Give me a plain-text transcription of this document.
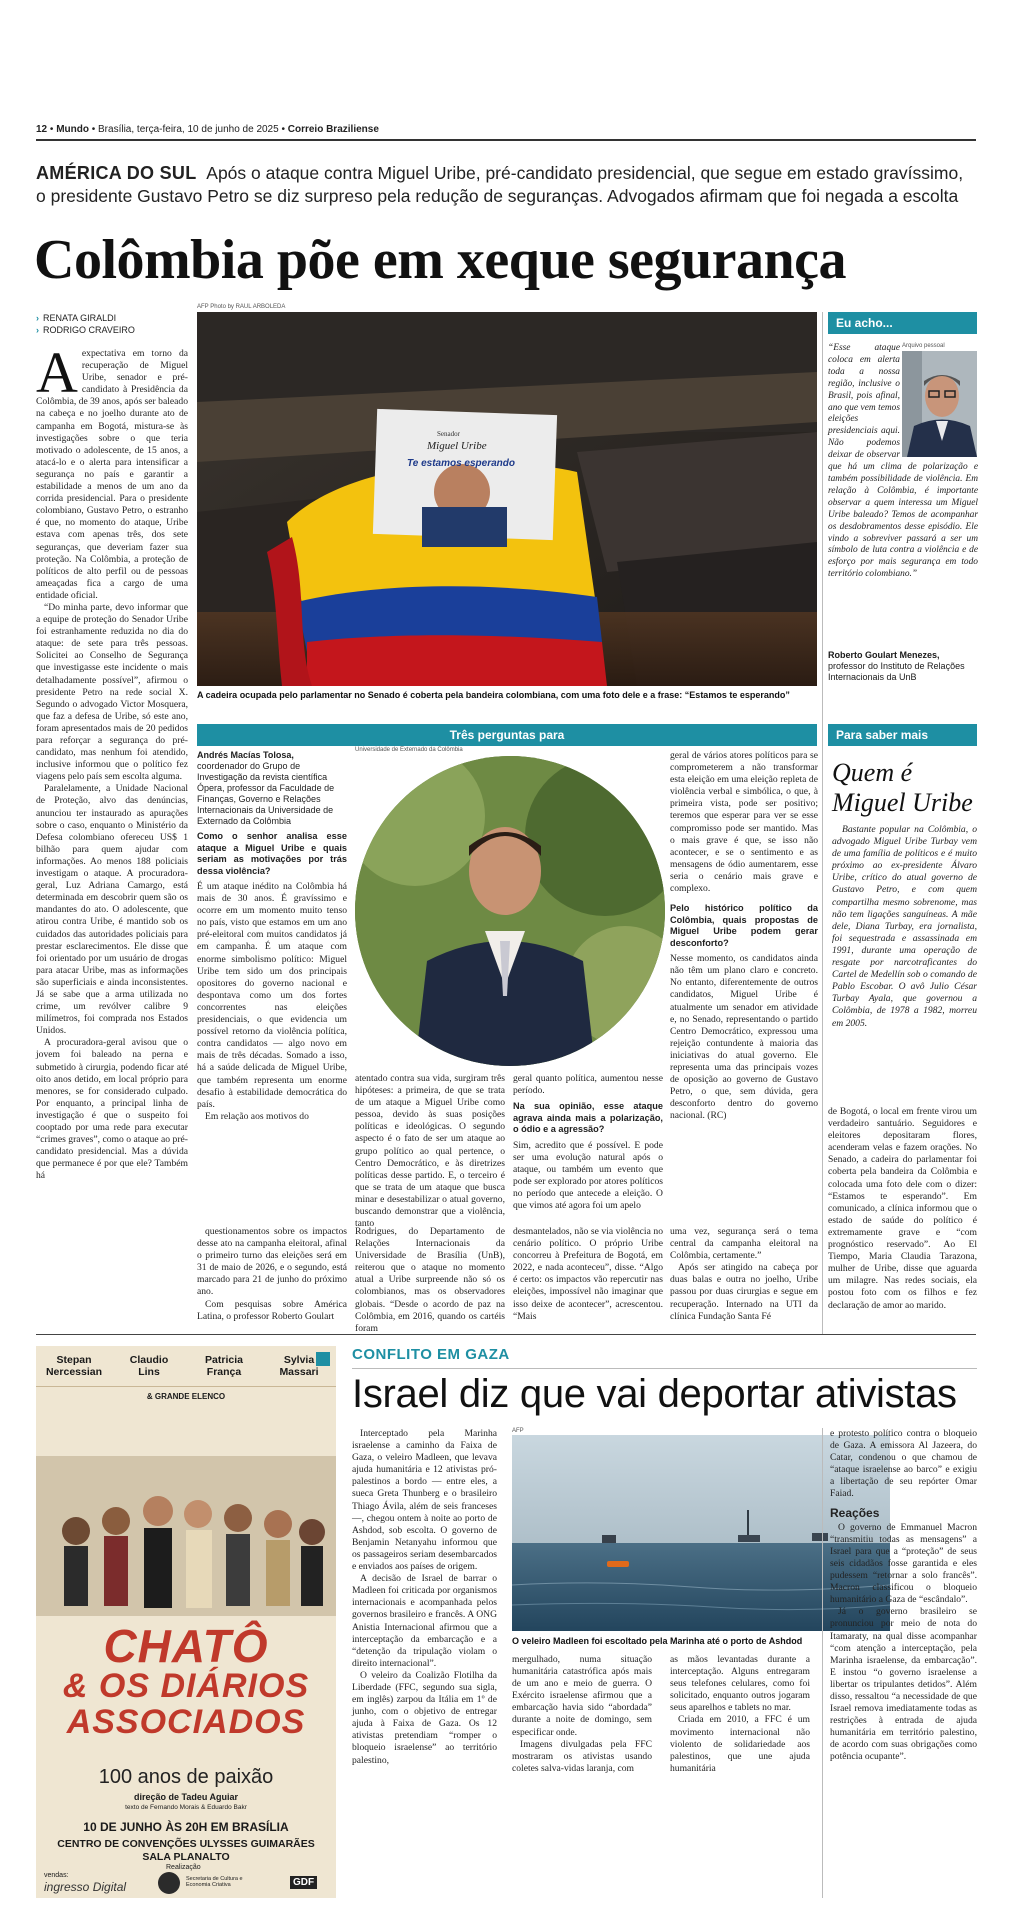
12 • Mundo • Brasília, terça-feira, 10 de junho de 2025 • Correio Braziliense
AMÉRICA DO SUL Após o ataque contra Miguel Uribe, pré-candidato presidencial, que segue em estado gravíssimo, o presidente Gustavo Petro se diz surpreso pela redução de seguranças. Advogados afirmam que foi negada a escolta
Colômbia põe em xeque segurança
› RENATA GIRALDI
› RODRIGO CRAVEIRO
AFP Photo by RAUL ARBOLEDA
Senador
Miguel Uribe
Te estamos esperando
A cadeira ocupada pelo parlamentar no Senado é coberta pela bandeira colombiana, com uma foto dele e a frase: “Estamos te esperando”

Aexpectativa em torno da recuperação de Miguel Uribe, senador e pré-candidato à Presidência da Colômbia, de 39 anos, após ser baleado na cabeça e no joelho durante ato de campanha em Bogotá, mistura-se às investigações sobre o que teria motivado o adolescente, de 15 anos, a atacá-lo e o alerta para intensificar a segurança no país e garantir a estabilidade a menos de um ano da corrida presidencial. Para o presidente colombiano, Gustavo Petro, o estranho é que, no momento do ataque, Uribe estava com apenas três, dos sete seguranças, que deveriam fazer sua proteção. Na Colômbia, a proteção de políticos de alto perfil ou de pessoas ameaçadas fica a cargo de uma entidade oficial.

“Do minha parte, devo informar que a equipe de proteção do Senador Uribe foi estranhamente reduzida no dia do ataque: de sete para três pessoas. Solicitei ao Conselho de Segurança que investigasse este incidente o mais detalhadamente possível”, afirmou o presidente Petro na rede social X. Segundo o advogado Victor Mosquera, que faz a defesa de Uribe, só este ano, foram apresentados mais de 20 pedidos para reforçar a segurança do pré-candidato, mas nenhum foi atendido, inclusive informou que o político fez viagens pelo país sem escolta alguma.

Paralelamente, a Unidade Nacional de Proteção, alvo das denúncias, anunciou ter instaurado as apurações sobre o caso, enquanto o Ministério da Defesa colombiano ofereceu US$ 1 bilhão para quem ajudar com informações. Ao menos 188 policiais investigam o ataque. A procuradora-geral, Luz Adriana Camargo, está determinada em descobrir quem são os mandantes do ato. O adolescente, que atirou contra Uribe, é mantido sob os cuidados das autoridades policiais para prestar esclarecimentos. Ele disse que foi orientado por um usuário de drogas para atacar Uribe, mas as informações são superficiais e ainda inconsistentes. Já se sabe que a arma utilizada no crime, um revólver calibre 9 milímetros, foi comprada nos Estados Unidos.

A procuradora-geral avisou que o jovem foi baleado na perna e submetido à cirurgia, podendo ficar até oito anos detido, em local próprio para menores, se for considerado culpado. Por enquanto, a principal linha de investigação é que o suspeito foi cooptado por uma rede para executar “crimes graves”, como o ataque ao pré-candidato presidencial. Mas a dúvida que permanece é por que ele? Também há

Eu acho...
Arquivo pessoal
“Esse ataque coloca em alerta toda a nossa região, inclusive o Brasil, pois afinal, ano que vem temos eleições presidenciais aqui. Não podemos deixar de observar que há um clima de polarização e também possibilidade de violência. Em relação à Colômbia, é importante observar a quem interessa um Miguel Uribe baleado? Temos de acompanhar os desdobramentos desse episódio. Ele vindo a sobreviver passará a ser um símbolo de luta contra a violência e de esforço por mais segurança em todo território colombiano.”
Roberto Goulart Menezes,
professor do Instituto de Relações Internacionais da UnB
Três perguntas para
Andrés Macías Tolosa,
coordenador do Grupo de Investigação da revista científica Ópera, professor da Faculdade de Finanças, Governo e Relações Internacionais da Universidade de Externado da Colômbia
Como o senhor analisa esse ataque a Miguel Uribe e quais seriam as motivações por trás dessa violência?

É um ataque inédito na Colômbia há mais de 30 anos. É gravíssimo e ocorre em um momento muito tenso no país, visto que estamos em um ano pré-eleitoral com muitos candidatos já em campanha. É um ataque com enorme simbolismo político: Miguel Uribe tem sido um dos principais opositores do governo nacional e despontava como um dos fortes concorrentes nas eleições presidenciais, o que evidencia um possível retorno da violência política, contra candidatos — algo novo em mais de três décadas. Somado a isso, há a saúde delicada de Miguel Uribe, que também representa um enorme desafio à estabilidade democrática do país.

Em relação aos motivos do

Universidade de Externado da Colômbia

atentado contra sua vida, surgiram três hipóteses: a primeira, de que se trata de um ataque a Miguel Uribe como pessoa, devido às suas posições políticas e ideológicas. O segundo aspecto é o fato de ser um ataque ao grupo político ao qual pertence, o Centro Democrático, e às diretrizes políticas desse partido. E, o terceiro é que se trata de um ataque que busca minar e desestabilizar o atual governo, buscando demonstrar que a violência, tanto

geral quanto política, aumentou nesse período.

Na sua opinião, esse ataque agrava ainda mais a polarização, o ódio e a agressão?

Sim, acredito que é possível. E pode ser uma evolução natural após o ataque, ou também um evento que pode ser explorado por atores políticos no período que antecede a eleição. O que vimos até agora foi um apelo

geral de vários atores políticos para se comprometerem a não transformar esta eleição em uma eleição repleta de violência verbal e simbólica, o que, à primeira vista, pode ser positivo; teremos que esperar para ver se esse compromisso pode ser mantido. Mas o mais grave é que, se isso não acontecer, e se o sentimento e as mensagens de ódio aumentarem, esse seria o cenário mais grave e complexo.

Pelo histórico político da Colômbia, quais propostas de Miguel Uribe podem gerar desconforto?

Nesse momento, os candidatos ainda não têm um plano claro e concreto. No entanto, diferentemente de outros candidatos, Miguel Uribe é atualmente um senador em atividade e, no Senado, representando o partido Centro Democrático, expressou uma rejeição contundente à maioria das iniciativas do atual governo. Ele representa uma das principais vozes de oposição ao governo de Gustavo Petro, o que, sem dúvida, gera desconforto dentro do governo nacional. (RC)

Para saber mais
Quem é
Miguel Uribe
Bastante popular na Colômbia, o advogado Miguel Uribe Turbay vem de uma família de políticos e é muito próximo ao ex-presidente Álvaro Uribe, crítico do atual governo de Gustavo Petro, e com quem compartilha mesmo sobrenome, mas não tem ligações sanguíneas. A mãe dele, Diana Turbay, era jornalista, foi sequestrada e assassinada em 1991, durante uma operação de resgate por narcotraficantes do Cartel de Medellín sob o comando de Pablo Escobar. O avô Julio César Turbay Ayala, que governou a Colômbia, de 1978 a 1982, morreu em 2005.

questionamentos sobre os impactos desse ato na campanha eleitoral, afinal o primeiro turno das eleições será em 31 de maio de 2026, e o segundo, está marcado para 21 de junho do próximo ano.

Com pesquisas sobre América Latina, o professor Roberto Goulart

Rodrigues, do Departamento de Relações Internacionais da Universidade de Brasília (UnB), reiterou que o ataque no momento atual a Uribe surpreende não só os colombianos, mas os observadores globais. “Desde o acordo de paz na Colômbia, em 2016, quando os cartéis foram
desmantelados, não se via violência no cenário político. O próprio Uribe concorreu à Prefeitura de Bogotá, em 2022, e nada aconteceu”, disse. “Algo é certo: os impactos vão repercutir nas eleições, impossível não imaginar que isso deixe de acontecer”, acrescentou. “Mais

uma vez, segurança será o tema central da campanha eleitoral na Colômbia, certamente.”

Após ser atingido na cabeça por duas balas e outra no joelho, Uribe passou por duas cirurgias e segue em recuperação. Internado na UTI da clínica Fundação Santa Fé

de Bogotá, o local em frente virou um verdadeiro santuário. Seguidores e eleitores depositaram flores, acenderam velas e fazem orações. No Senado, a cadeira do parlamentar foi coberta pela bandeira da Colômbia e colocada uma foto dele com o dizer: “Estamos te esperando”. Em comunicado, a clínica informou que o estado de saúde do político é extremamente grave e “com prognóstico reservado”. Ao El Tiempo, Maria Claudia Tarazona, mulher de Uribe, disse que aguarda um milagre. Nas redes sociais, ela postou foto com os filhos e fez declaração de amor ao marido.
Stepan Nercessian
Claudio Lins
Patricia França
Sylvia Massari
& GRANDE ELENCO
CHATÔ
& OS DIÁRIOS
ASSOCIADOS
100 anos de paixão
direção de Tadeu Aguiar
texto de Fernando Morais & Eduardo Bakr
10 DE JUNHO ÀS 20H EM BRASÍLIA
CENTRO DE CONVENÇÕES ULYSSES GUIMARÃES
SALA PLANALTO
vendas:
ingresso Digital
Realização
Secretaria de Cultura e Economia Criativa	GDF
CONFLITO EM GAZA
Israel diz que vai deportar ativistas

Interceptado pela Marinha israelense a caminho da Faixa de Gaza, o veleiro Madleen, que levava ajuda humanitária e 12 ativistas pró-palestinos a bordo — entre eles, a sueca Greta Thunberg e o brasileiro Thiago Ávila, além de seis franceses —, chegou ontem à noite ao porto de Ashdod, sob escolta. O governo de Benjamin Netanyahu informou que os passageiros seriam desembarcados e enviados aos países de origem.

A decisão de Israel de barrar o Madleen foi criticada por organismos internacionais e acompanhada pelos governos brasileiro e francês. A ONG Anistia Internacional afirmou que a interceptação da embarcação e a “detenção da tripulação violam o direito internacional”.

O veleiro da Coalizão Flotilha da Liberdade (FFC, segundo sua sigla, em inglês) zarpou da Itália em 1º de junho, com o objetivo de entregar ajuda à Faixa de Gaza. Os 12 ativistas pretendiam “romper o bloqueio israelense” ao território palestino,

AFP
O veleiro Madleen foi escoltado pela Marinha até o porto de Ashdod

mergulhado, numa situação humanitária catastrófica após mais de um ano e meio de guerra. O Exército israelense afirmou que a embarcação havia sido “abordada” durante a noite de domingo, sem especificar onde.

Imagens divulgadas pela FFC mostraram os ativistas usando coletes salva-vidas laranja, com

as mãos levantadas durante a interceptação. Alguns entregaram seus telefones celulares, como foi solicitado, enquanto outros jogaram seus aparelhos e tablets no mar.

Criada em 2010, a FFC é um movimento internacional não violento de solidariedade aos palestinos, que une ajuda humanitária

e protesto político contra o bloqueio de Gaza. A emissora Al Jazeera, do Catar, condenou o que chamou de “ataque israelense ao barco” e exigiu a libertação de seu repórter Omar Faiad.

Reações

O governo de Emmanuel Macron “transmitiu todas as mensagens” a Israel para que a “proteção” de seus seis cidadãos fosse garantida e eles pudessem “retornar a solo francês”. Macron classificou o bloqueio humanitário a Gaza de “escândalo”.

Já o governo brasileiro se pronunciou por meio de nota do Itamaraty, na qual disse acompanhar “com atenção a interceptação, pela Marinha israelense, da embarcação”. E instou “o governo israelense a libertar os tripulantes detidos”. Além disso, ressaltou “a necessidade de que Israel remova imediatamente todas as restrições à entrada de ajuda humanitária em território palestino, de acordo com suas obrigações como potência ocupante”.
